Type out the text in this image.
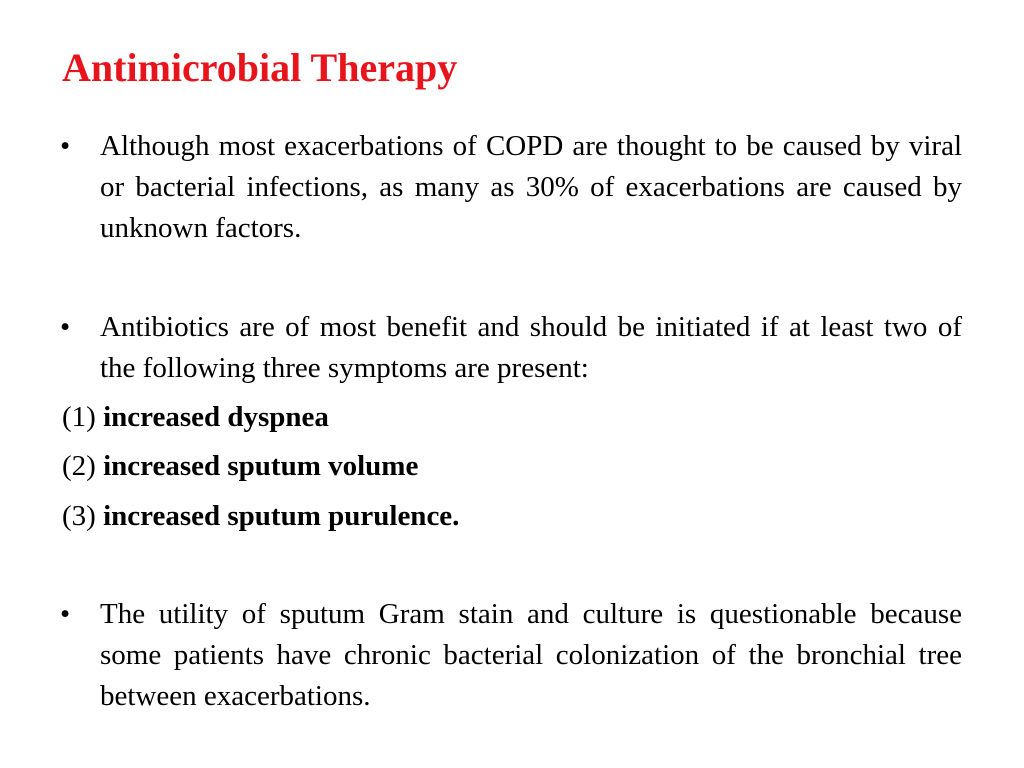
Antimicrobial Therapy
• Although most exacerbations of COPD are thought to be caused by viral or bacterial infections, as many as 30% of exacerbations are caused by unknown factors.
• Antibiotics are of most benefit and should be initiated if at least two of the following three symptoms are present:
(1) increased dyspnea
(2) increased sputum volume
(3) increased sputum purulence.
• The utility of sputum Gram stain and culture is questionable because some patients have chronic bacterial colonization of the bronchial tree between exacerbations.
